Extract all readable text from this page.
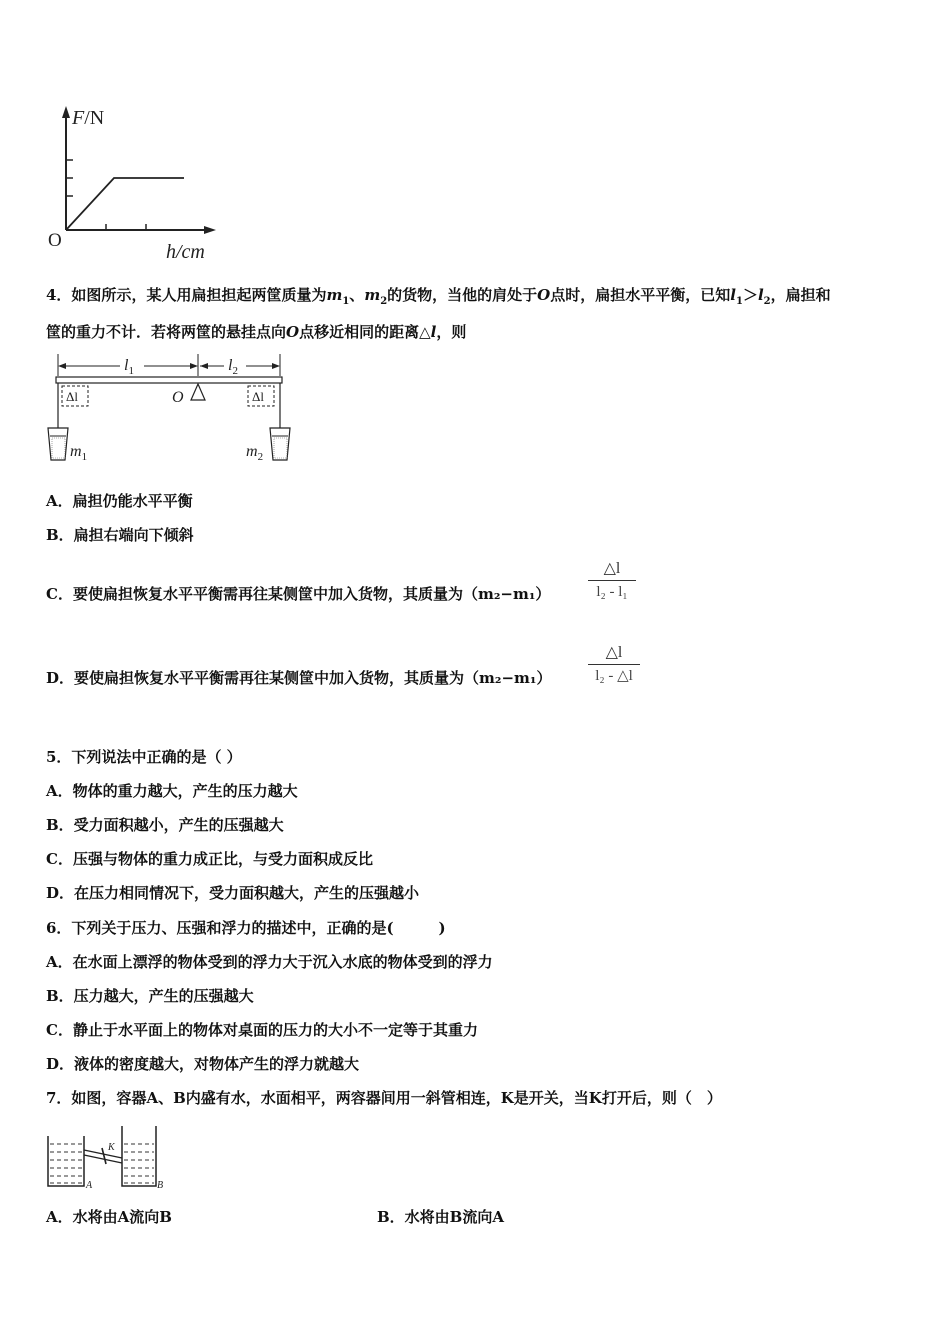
F/N
O
h/cm
4．如图所示，某人用扁担担起两筐质量为$m_1$、$m_2$的货物，当他的肩处于O点时，扁担水平平衡，已知$l_1>l_2$，扁担和
筐的重力不计．若将两筐的悬挂点向O点移近相同的距离△l，则
$l_1$	$l_2$
O
Δl	Δl
$m_1$	$m_2$
A．扁担仍能水平平衡
B．扁担右端向下倾斜
C．要使扁担恢复水平平衡需再往某侧筐中加入货物，其质量为（m₂−m₁）
△l
l₂ - l₁
D．要使扁担恢复水平平衡需再往某侧筐中加入货物，其质量为（m₂−m₁）
△l
l₂ - △l
5．下列说法中正确的是（ ）
A．物体的重力越大，产生的压力越大
B．受力面积越小，产生的压强越大
C．压强与物体的重力成正比，与受力面积成反比
D．在压力相同情况下，受力面积越大，产生的压强越小
6．下列关于压力、压强和浮力的描述中，正确的是(　　　)
A．在水面上漂浮的物体受到的浮力大于沉入水底的物体受到的浮力
B．压力越大，产生的压强越大
C．静止于水平面上的物体对桌面的压力的大小不一定等于其重力
D．液体的密度越大，对物体产生的浮力就越大
7．如图，容器A、B内盛有水，水面相平，两容器间用一斜管相连，K是开关，当K打开后，则（　）
K
A	B
A．水将由A流向B	B．水将由B流向A
